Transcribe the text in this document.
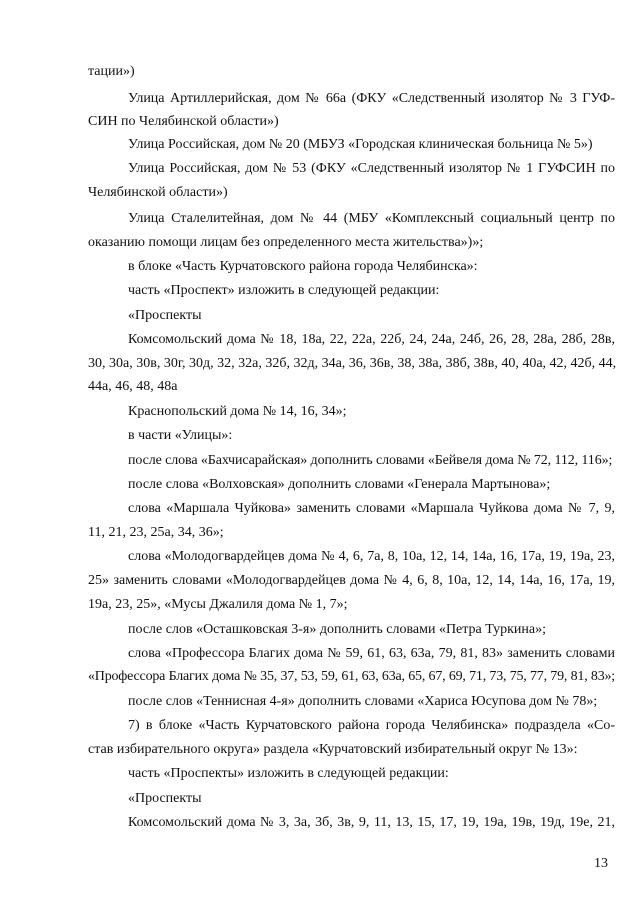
тации»)
Улица Артиллерийская, дом № 66а (ФКУ «Следственный изолятор № 3 ГУФ-
СИН по Челябинской области»)
Улица Российская, дом № 20 (МБУЗ «Городская клиническая больница № 5»)
Улица Российская, дом № 53 (ФКУ «Следственный изолятор № 1 ГУФСИН по
Челябинской области»)
Улица Сталелитейная, дом № 44 (МБУ «Комплексный социальный центр по
оказанию помощи лицам без определенного места жительства»)»;
в блоке «Часть Курчатовского района города Челябинска»:
часть «Проспект» изложить в следующей редакции:
«Проспекты
Комсомольский дома № 18, 18а, 22, 22а, 22б, 24, 24а, 24б, 26, 28, 28а, 28б, 28в,
30, 30а, 30в, 30г, 30д, 32, 32а, 32б, 32д, 34а, 36, 36в, 38, 38а, 38б, 38в, 40, 40а, 42, 42б, 44,
44а, 46, 48, 48а
Краснопольский дома № 14, 16, 34»;
в части «Улицы»:
после слова «Бахчисарайская» дополнить словами «Бейвеля дома № 72, 112, 116»;
после слова «Волховская» дополнить словами «Генерала Мартынова»;
слова «Маршала Чуйкова» заменить словами «Маршала Чуйкова дома № 7, 9,
11, 21, 23, 25а, 34, 36»;
слова «Молодогвардейцев дома № 4, 6, 7а, 8, 10а, 12, 14, 14а, 16, 17а, 19, 19а, 23,
25» заменить словами «Молодогвардейцев дома № 4, 6, 8, 10а, 12, 14, 14а, 16, 17а, 19,
19а, 23, 25», «Мусы Джалиля дома № 1, 7»;
после слов «Осташковская 3-я» дополнить словами «Петра Туркина»;
слова «Профессора Благих дома № 59, 61, 63, 63а, 79, 81, 83» заменить словами
«Профессора Благих дома № 35, 37, 53, 59, 61, 63, 63а, 65, 67, 69, 71, 73, 75, 77, 79, 81, 83»;
после слов «Теннисная 4-я» дополнить словами «Хариса Юсупова дом № 78»;
7) в блоке «Часть Курчатовского района города Челябинска» подраздела «Со-
став избирательного округа» раздела «Курчатовский избирательный округ № 13»:
часть «Проспекты» изложить в следующей редакции:
«Проспекты
Комсомольский дома № 3, 3а, 3б, 3в, 9, 11, 13, 15, 17, 19, 19а, 19в, 19д, 19е, 21,
13
